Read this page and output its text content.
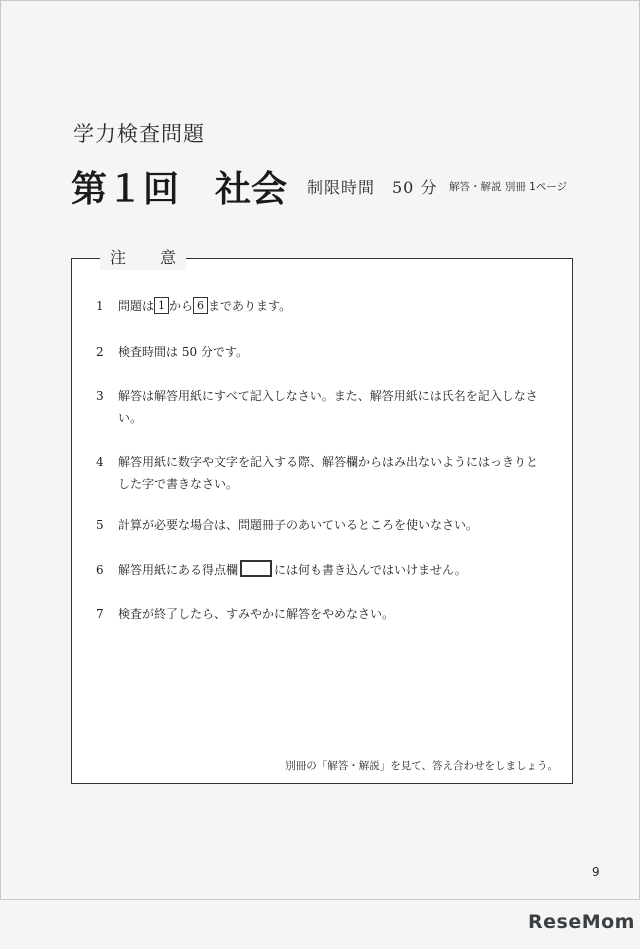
学力検査問題
第１回　社会 制限時間　50 分 解答・解説 別冊 1ページ
注意
1	問題は 1 から 6 まであります。
2	検査時間は 50 分です。
3	解答は解答用紙にすべて記入しなさい。また、解答用紙には氏名を記入しなさい。
4	解答用紙に数字や文字を記入する際、解答欄からはみ出ないようにはっきりとした字で書きなさい。
5	計算が必要な場合は、問題冊子のあいているところを使いなさい。
6	解答用紙にある得点欄	には何も書き込んではいけません。
7	検査が終了したら、すみやかに解答をやめなさい。
別冊の「解答・解説」を見て、答え合わせをしましょう。
9
ReseMom
